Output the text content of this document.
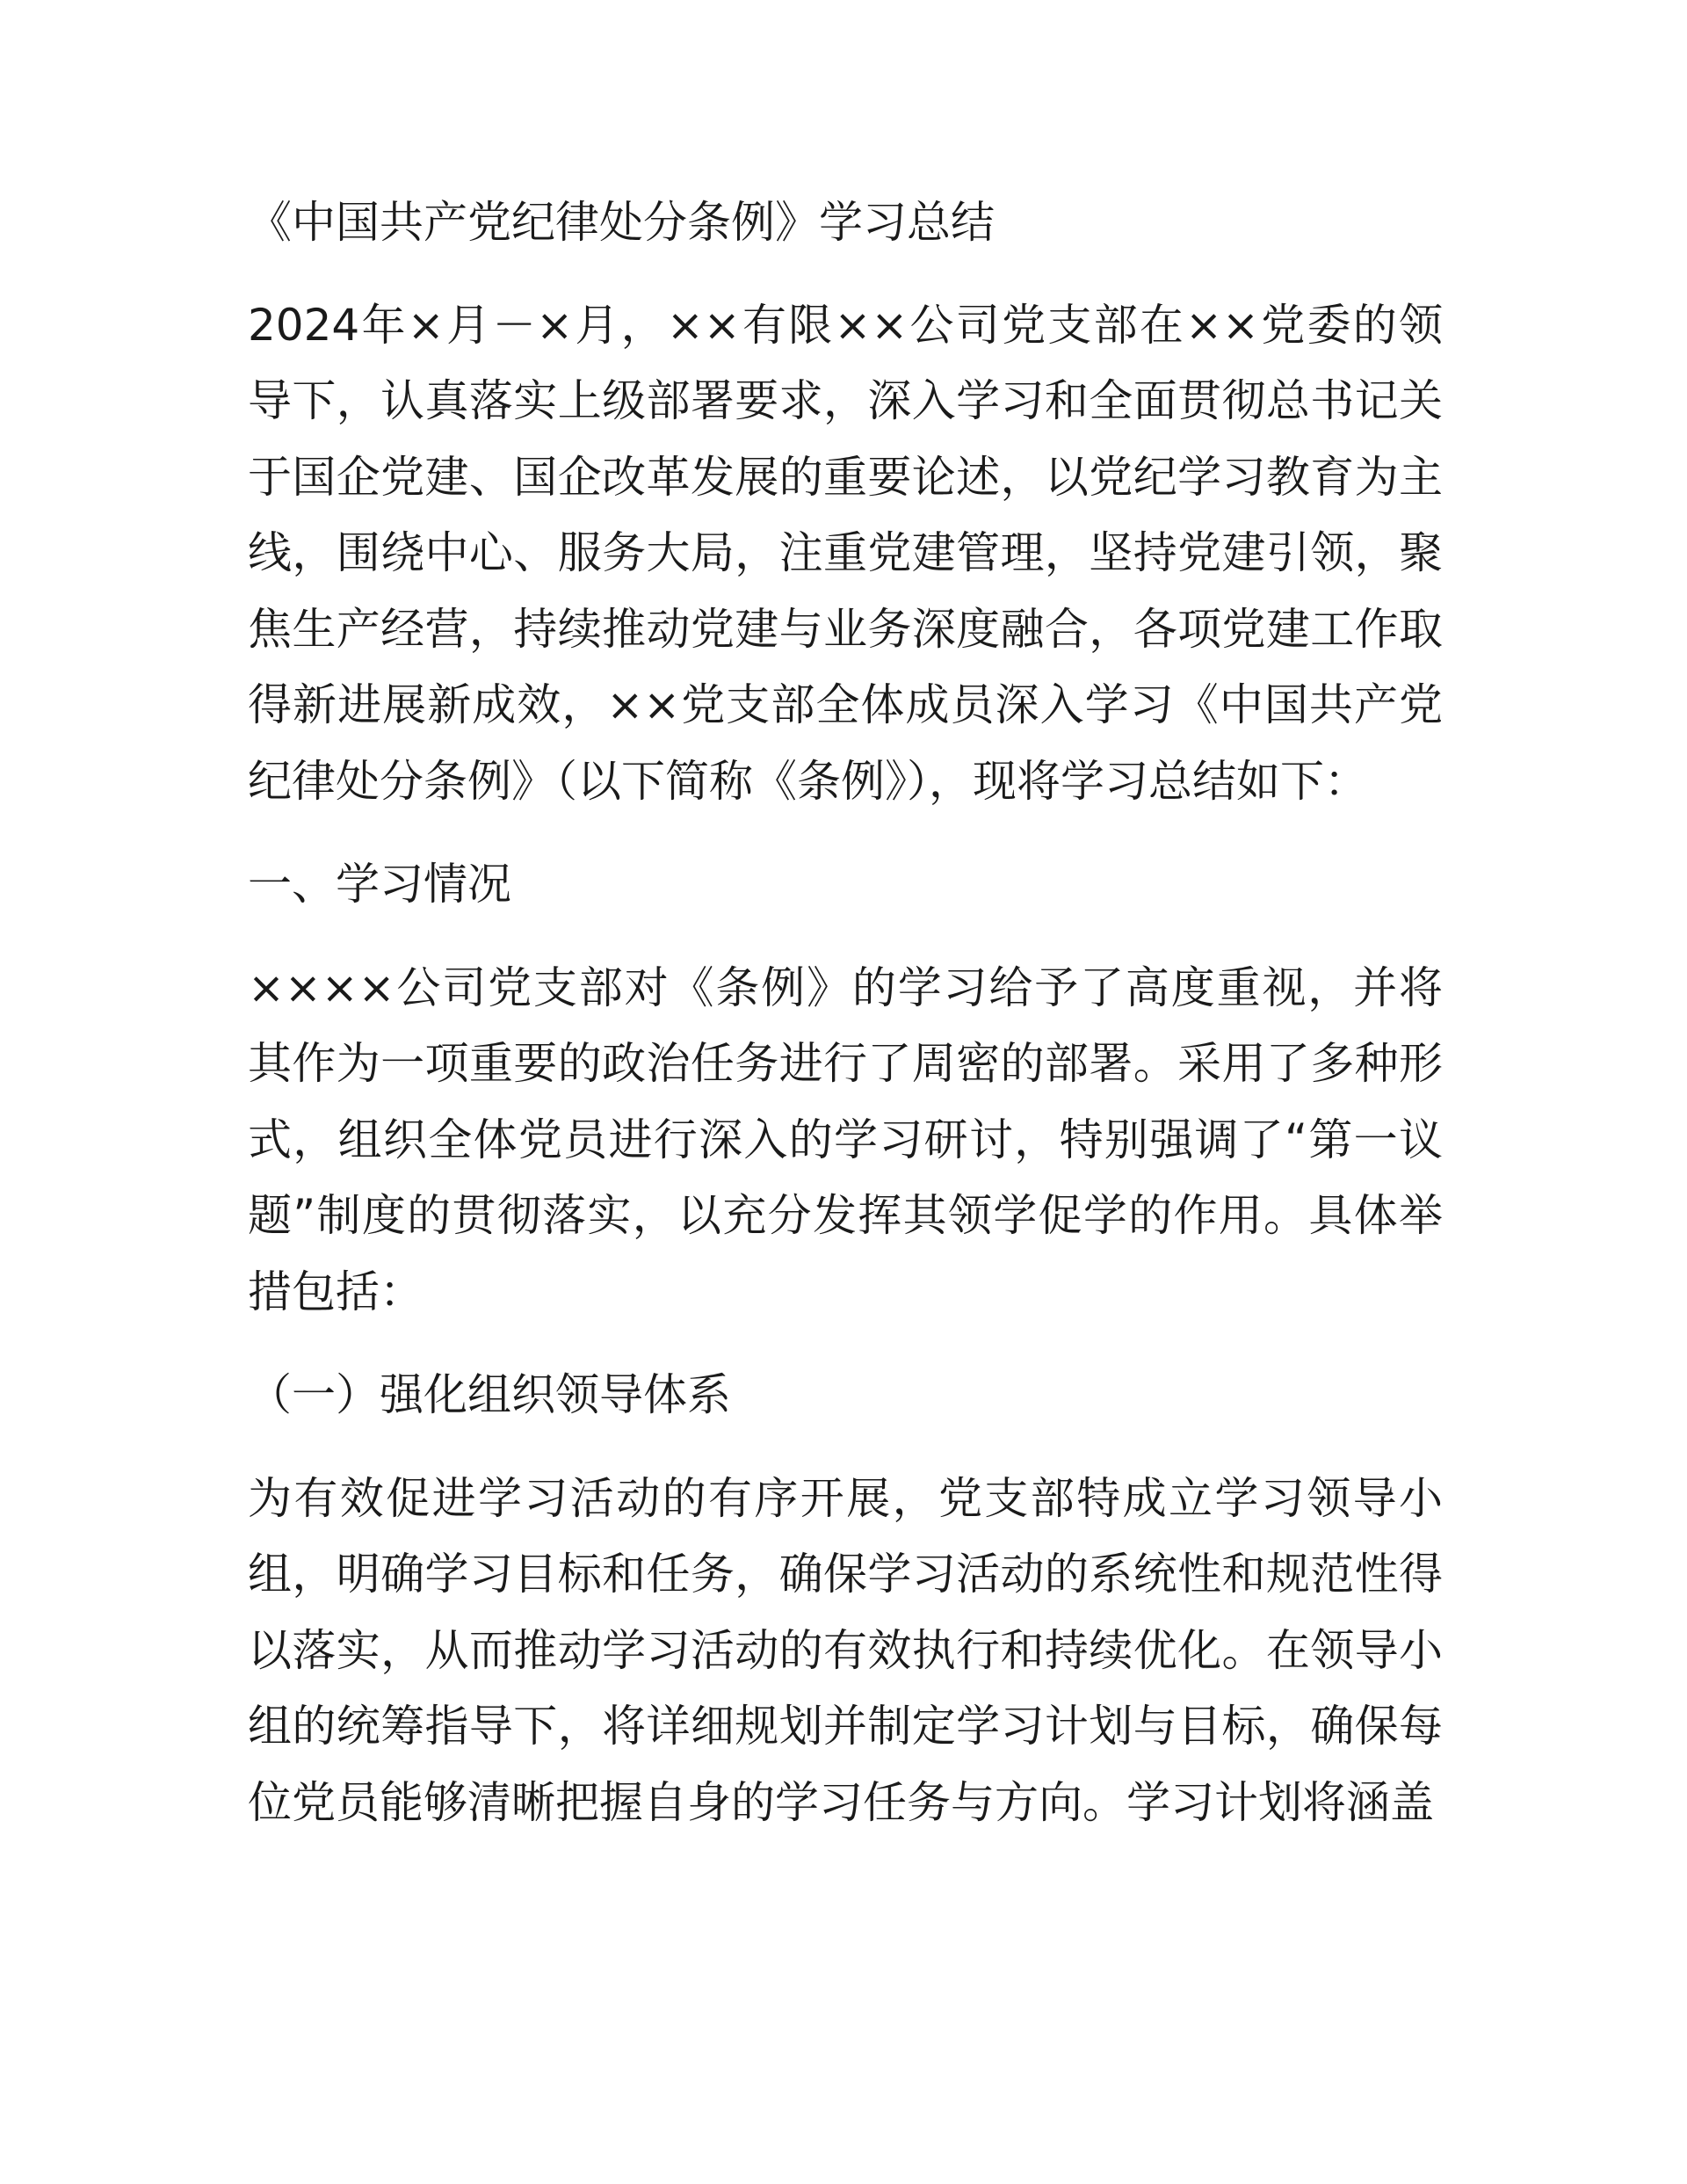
《中国共产党纪律处分条例》学习总结

2024年×月－×月，××有限××公司党支部在××党委的领导下，认真落实上级部署要求，深入学习和全面贯彻总书记关于国企党建、国企改革发展的重要论述，以党纪学习教育为主线，围绕中心、服务大局，注重党建管理，坚持党建引领，聚焦生产经营，持续推动党建与业务深度融合，各项党建工作取得新进展新成效，××党支部全体成员深入学习《中国共产党纪律处分条例》（以下简称《条例》），现将学习总结如下：

一、学习情况

××××公司党支部对《条例》的学习给予了高度重视，并将其作为一项重要的政治任务进行了周密的部署。采用了多种形式，组织全体党员进行深入的学习研讨，特别强调了“第一议题”制度的贯彻落实，以充分发挥其领学促学的作用。具体举措包括：

（一）强化组织领导体系

为有效促进学习活动的有序开展，党支部特成立学习领导小组，明确学习目标和任务，确保学习活动的系统性和规范性得以落实，从而推动学习活动的有效执行和持续优化。在领导小组的统筹指导下，将详细规划并制定学习计划与目标，确保每位党员能够清晰把握自身的学习任务与方向。学习计划将涵盖
